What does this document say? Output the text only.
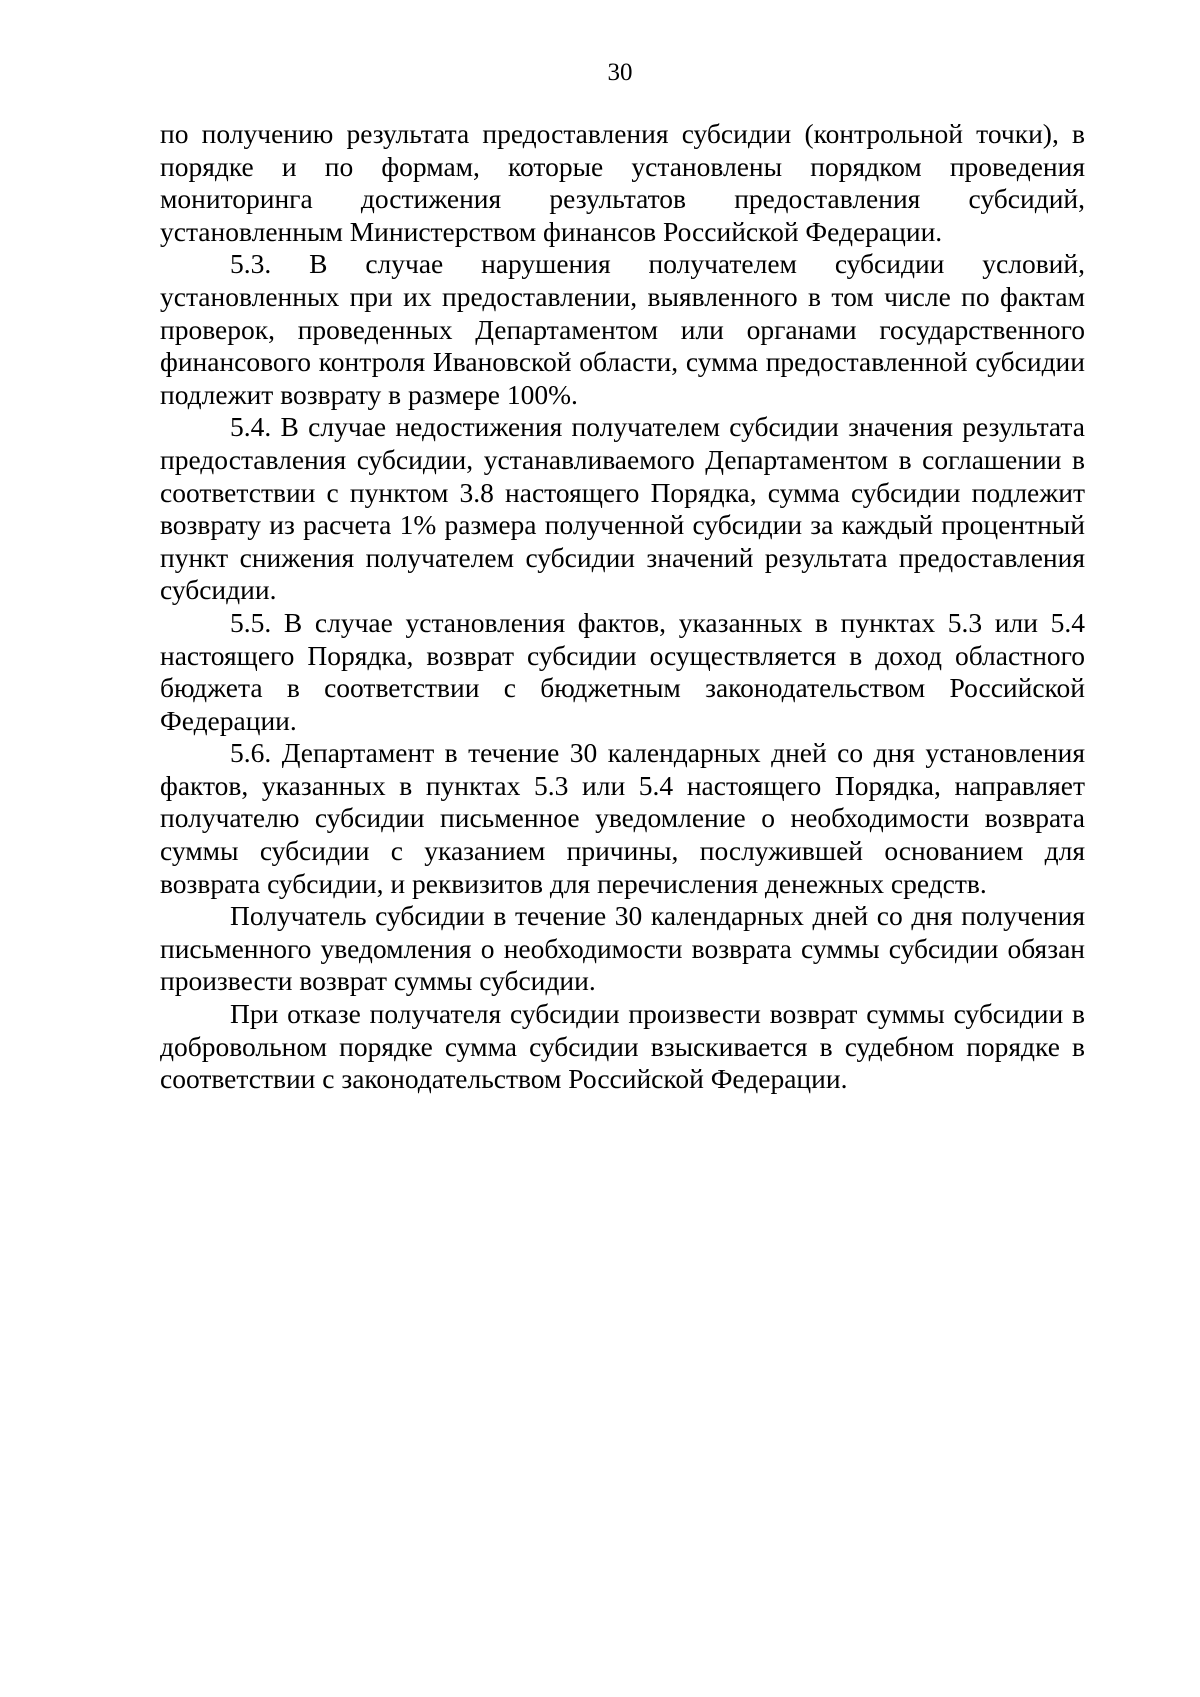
30

по получению результата предоставления субсидии (контрольной точки), в порядке и по формам, которые установлены порядком проведения мониторинга достижения результатов предоставления субсидий, установленным Министерством финансов Российской Федерации.

5.3. В случае нарушения получателем субсидии условий, установленных при их предоставлении, выявленного в том числе по фактам проверок, проведенных Департаментом или органами государственного финансового контроля Ивановской области, сумма предоставленной субсидии подлежит возврату в размере 100%.

5.4. В случае недостижения получателем субсидии значения результата предоставления субсидии, устанавливаемого Департаментом в соглашении в соответствии с пунктом 3.8 настоящего Порядка, сумма субсидии подлежит возврату из расчета 1% размера полученной субсидии за каждый процентный пункт снижения получателем субсидии значений результата предоставления субсидии.

5.5. В случае установления фактов, указанных в пунктах 5.3 или 5.4 настоящего Порядка, возврат субсидии осуществляется в доход областного бюджета в соответствии с бюджетным законодательством Российской Федерации.

5.6. Департамент в течение 30 календарных дней со дня установления фактов, указанных в пунктах 5.3 или 5.4 настоящего Порядка, направляет получателю субсидии письменное уведомление о необходимости возврата суммы субсидии с указанием причины, послужившей основанием для возврата субсидии, и реквизитов для перечисления денежных средств.

Получатель субсидии в течение 30 календарных дней со дня получения письменного уведомления о необходимости возврата суммы субсидии обязан произвести возврат суммы субсидии.

При отказе получателя субсидии произвести возврат суммы субсидии в добровольном порядке сумма субсидии взыскивается в судебном порядке в соответствии с законодательством Российской Федерации.
